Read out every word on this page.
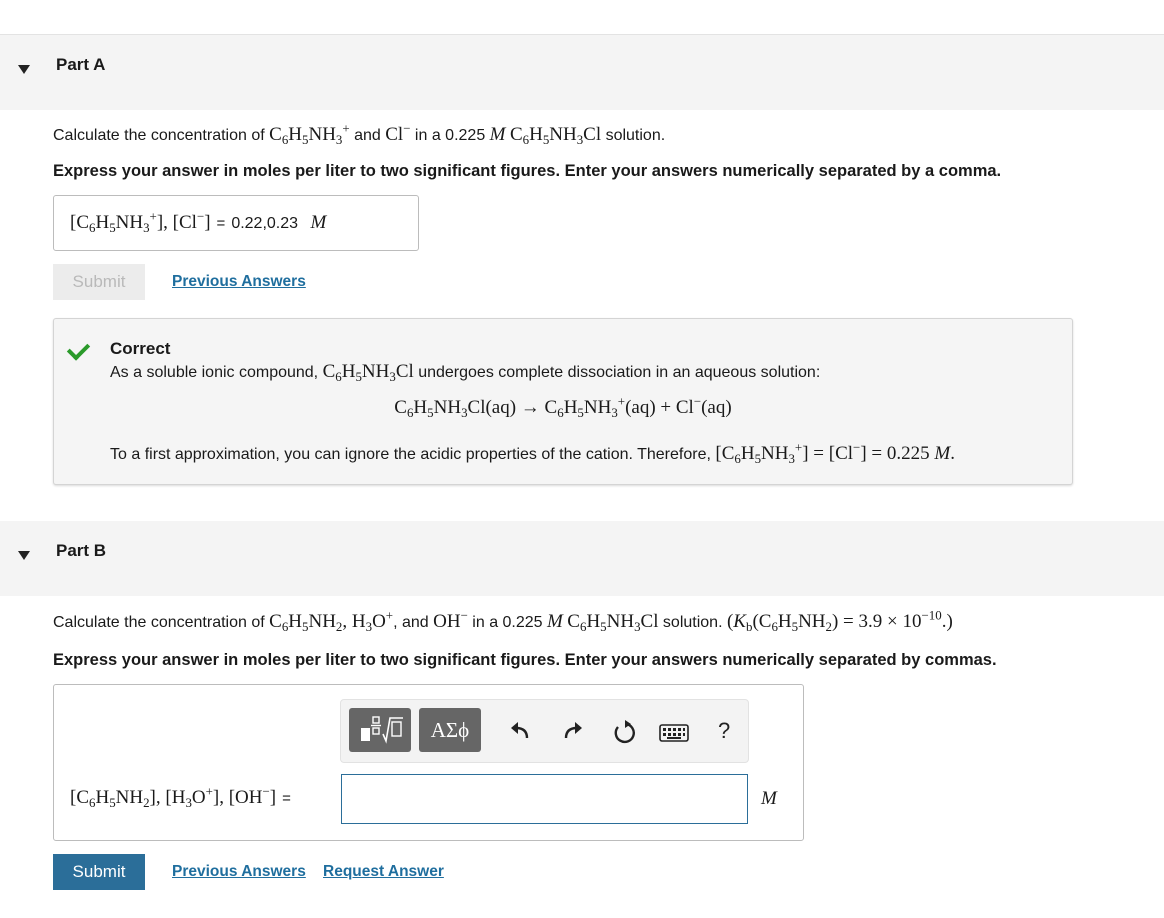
Part A
Calculate the concentration of $C_6H_5NH_3^+$ and Cl− in a 0.225 M $C_6H_5NH_3Cl$ solution.
Express your answer in moles per liter to two significant figures. Enter your answers numerically separated by a comma.
$[C_6H_5NH_3^+]$, [Cl−] = 0.22,0.23 M
Submit	Previous Answers
Correct
As a soluble ionic compound, $C_6H_5NH_3Cl$ undergoes complete dissociation in an aqueous solution:
$C_6H_5NH_3Cl(aq) \to C_6H_5NH_3^+(aq) + Cl^-(aq)$
To a first approximation, you can ignore the acidic properties of the cation. Therefore, $[C_6H_5NH_3^+] = [Cl^-] = 0.225$ M.
Part B
Calculate the concentration of $C_6H_5NH_2$, $H_3O^+$, and OH− in a 0.225 M $C_6H_5NH_3Cl$ solution. $(K_b(C_6H_5NH_2) = 3.9 \times 10^{-10}.)$
Express your answer in moles per liter to two significant figures. Enter your answers numerically separated by commas.
ΑΣϕ	?
$[C_6H_5NH_2]$, $[H_3O^+]$, [OH−] =	M
Submit	Previous Answers Request Answer
